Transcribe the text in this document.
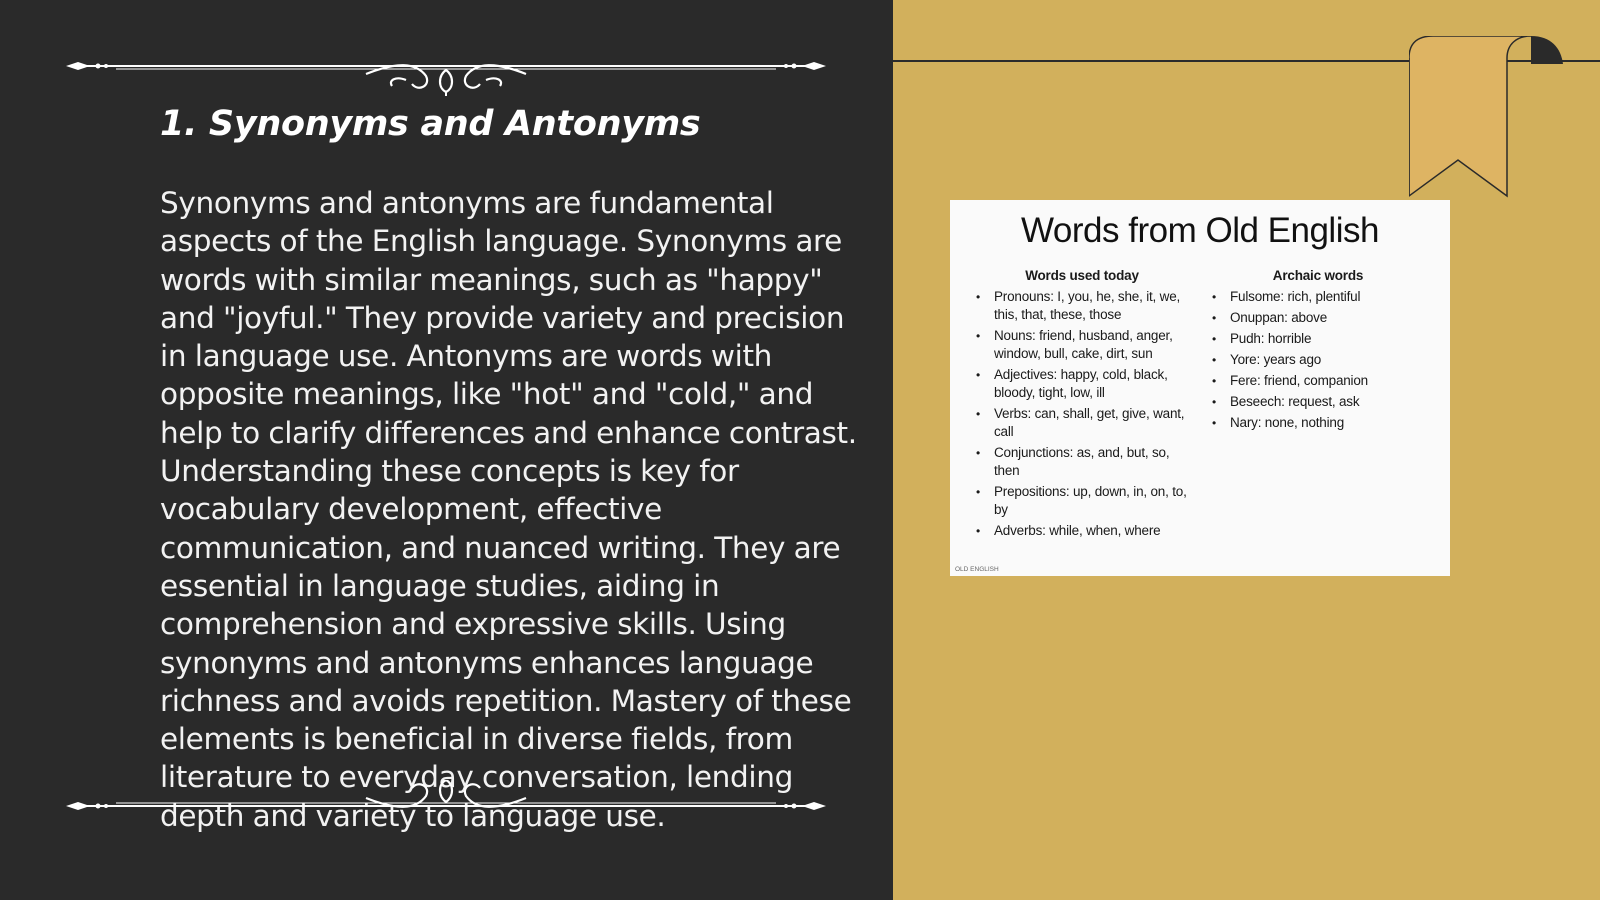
1. Synonyms and Antonyms
Synonyms and antonyms are fundamental aspects of the English language. Synonyms are words with similar meanings, such as "happy" and "joyful." They provide variety and precision in language use. Antonyms are words with opposite meanings, like "hot" and "cold," and help to clarify differences and enhance contrast. Understanding these concepts is key for vocabulary development, effective communication, and nuanced writing. They are essential in language studies, aiding in comprehension and expressive skills. Using synonyms and antonyms enhances language richness and avoids repetition. Mastery of these elements is beneficial in diverse fields, from literature to everyday conversation, lending depth and variety to language use.
Words from Old English
Words used today
• Pronouns: I, you, he, she, it, we, this, that, these, those
• Nouns: friend, husband, anger, window, bull, cake, dirt, sun
• Adjectives: happy, cold, black, bloody, tight, low, ill
• Verbs: can, shall, get, give, want, call
• Conjunctions: as, and, but, so, then
• Prepositions: up, down, in, on, to, by
• Adverbs: while, when, where
Archaic words
• Fulsome: rich, plentiful
• Onuppan: above
• Pudh: horrible
• Yore: years ago
• Fere: friend, companion
• Beseech: request, ask
• Nary: none, nothing
OLD ENGLISH
